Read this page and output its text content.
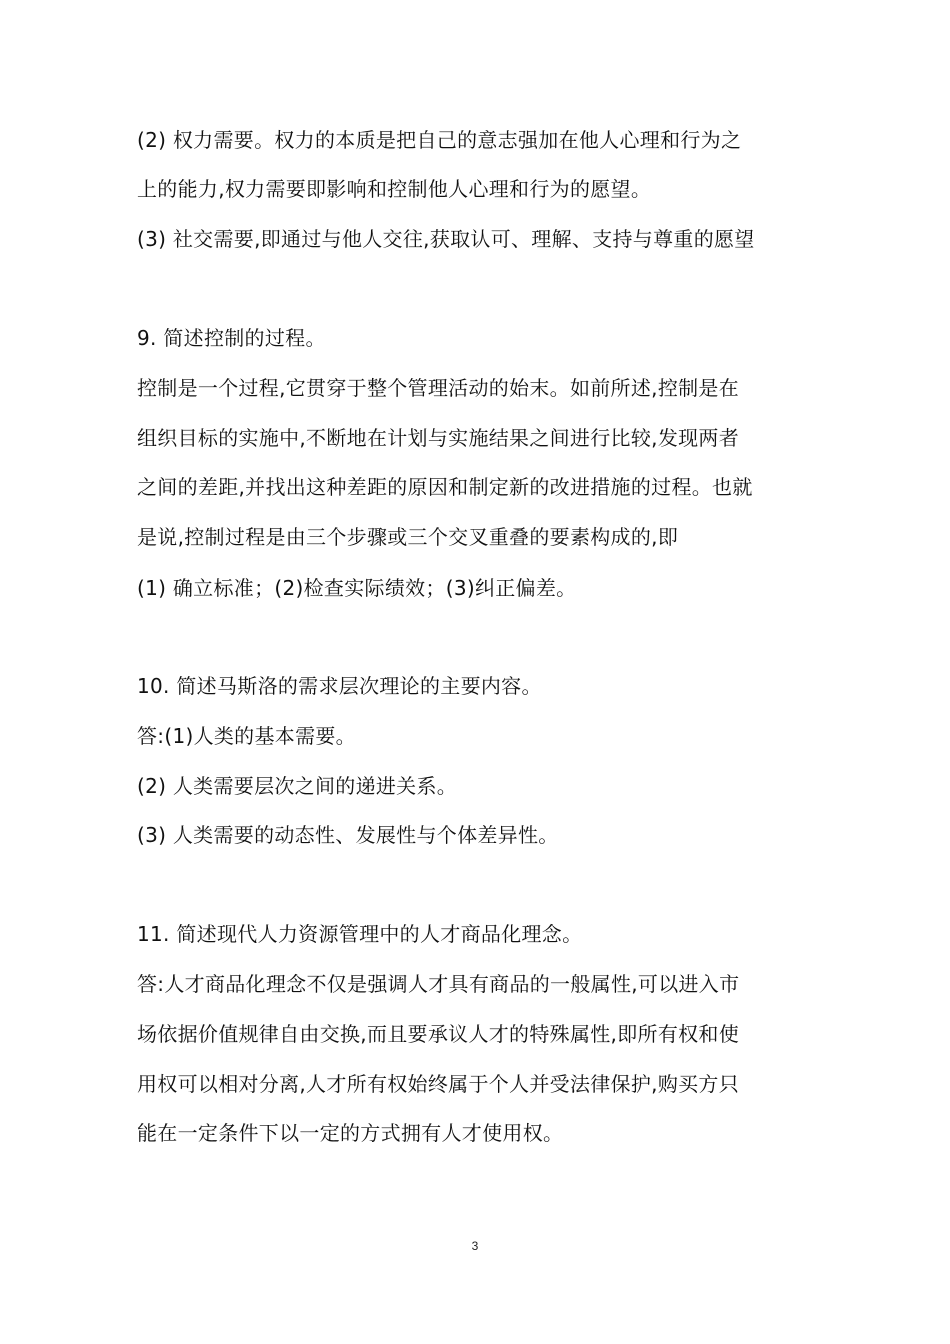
(2) 权力需要。权力的本质是把自己的意志强加在他人心理和行为之
上的能力,权力需要即影响和控制他人心理和行为的愿望。
(3) 社交需要,即通过与他人交往,获取认可、理解、支持与尊重的愿望
9. 简述控制的过程。
控制是一个过程,它贯穿于整个管理活动的始末。如前所述,控制是在
组织目标的实施中,不断地在计划与实施结果之间进行比较,发现两者
之间的差距,并找出这种差距的原因和制定新的改进措施的过程。也就
是说,控制过程是由三个步骤或三个交叉重叠的要素构成的,即
(1) 确立标准；(2)检查实际绩效；(3)纠正偏差。
10. 简述马斯洛的需求层次理论的主要内容。
答:(1)人类的基本需要。
(2) 人类需要层次之间的递进关系。
(3) 人类需要的动态性、发展性与个体差异性。
11. 简述现代人力资源管理中的人才商品化理念。
答:人才商品化理念不仅是强调人才具有商品的一般属性,可以进入市
场依据价值规律自由交换,而且要承议人才的特殊属性,即所有权和使
用权可以相对分离,人才所有权始终属于个人并受法律保护,购买方只
能在一定条件下以一定的方式拥有人才使用权。
3
